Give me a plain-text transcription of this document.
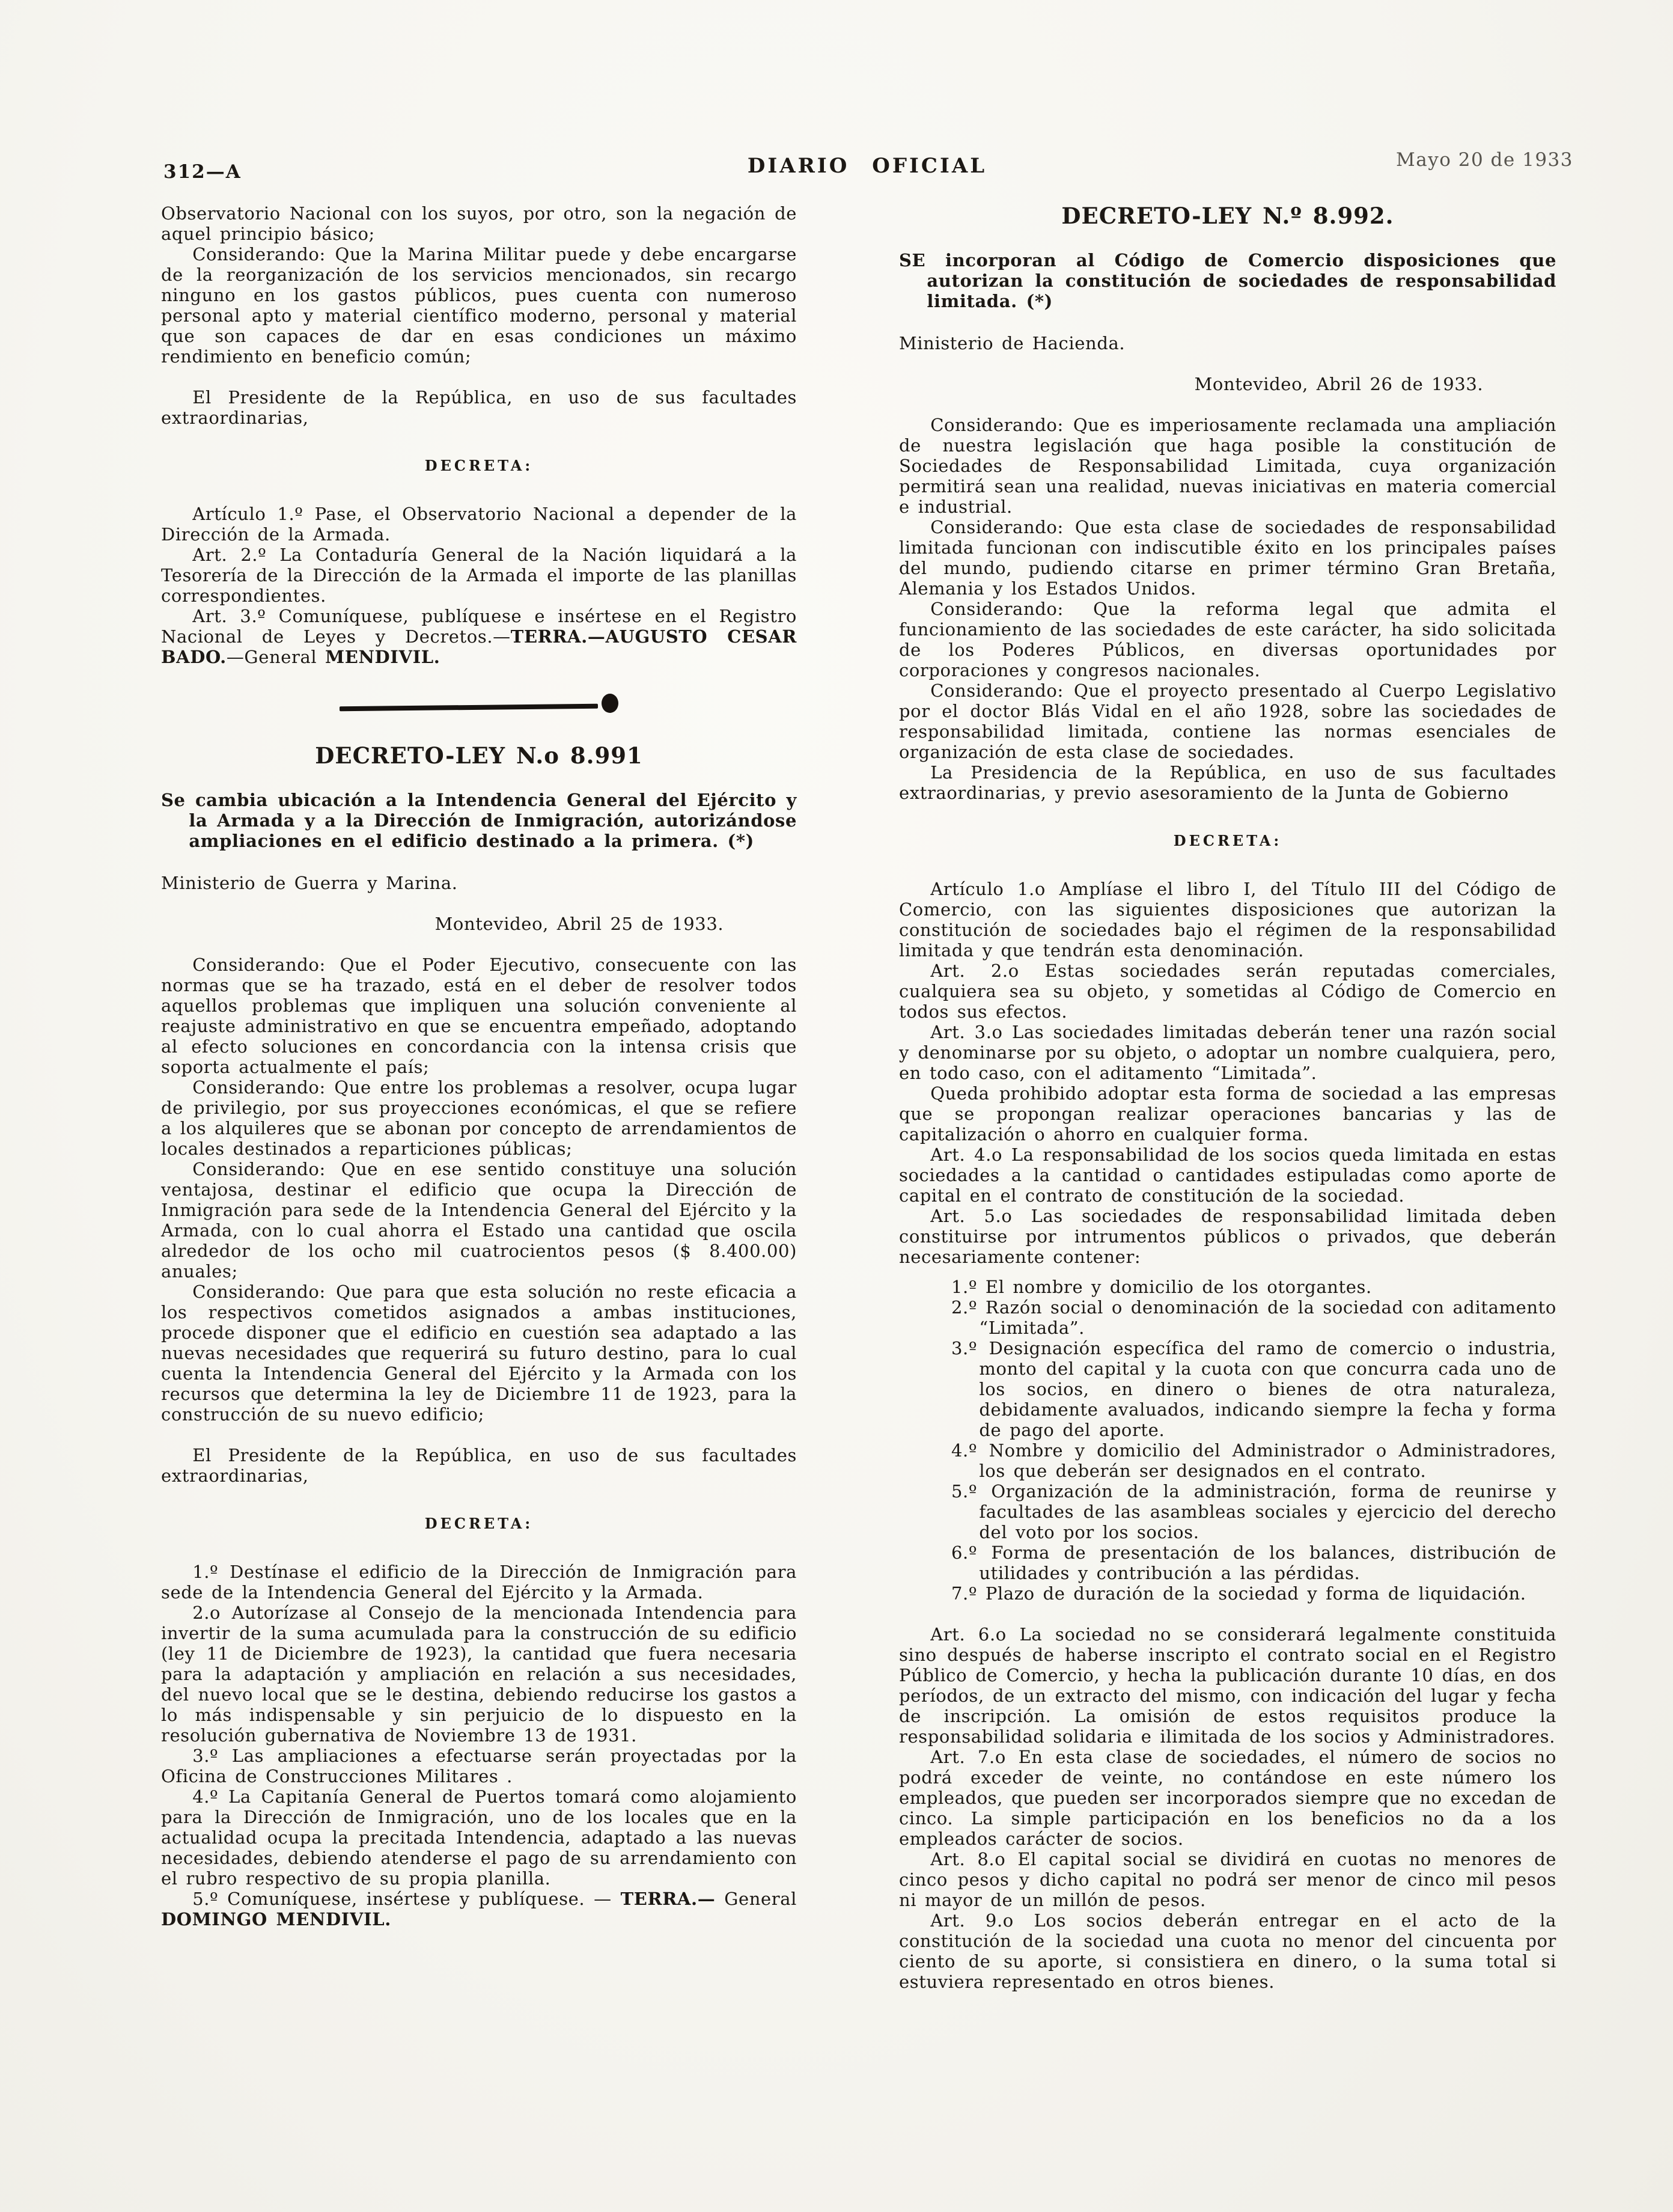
312—A	DIARIO OFICIAL	Mayo 20 de 1933

Observatorio Nacional con los suyos, por otro, son la negación de aquel principio básico;

Considerando: Que la Marina Militar puede y debe encargarse de la reorganización de los servicios mencionados, sin recargo ninguno en los gastos públicos, pues cuenta con numeroso personal apto y material científico moderno, personal y material que son capaces de dar en esas condiciones un máximo rendimiento en beneficio común;

El Presidente de la República, en uso de sus facultades extraordinarias,

DECRETA:

Artículo 1.º Pase, el Observatorio Nacional a depender de la Dirección de la Armada.

Art. 2.º La Contaduría General de la Nación liquidará a la Tesorería de la Dirección de la Armada el importe de las planillas correspondientes.

Art. 3.º Comuníquese, publíquese e insértese en el Registro Nacional de Leyes y Decretos.—TERRA.—AUGUSTO CESAR BADO.—General MENDIVIL.

DECRETO-LEY N.o 8.991

Se cambia ubicación a la Intendencia General del Ejército y la Armada y a la Dirección de Inmigración, autorizándose ampliaciones en el edificio destinado a la primera. (*)

Ministerio de Guerra y Marina.

Montevideo, Abril 25 de 1933.

Considerando: Que el Poder Ejecutivo, consecuente con las normas que se ha trazado, está en el deber de resolver todos aquellos problemas que impliquen una solución conveniente al reajuste administrativo en que se encuentra empeñado, adoptando al efecto soluciones en concordancia con la intensa crisis que soporta actualmente el país;

Considerando: Que entre los problemas a resolver, ocupa lugar de privilegio, por sus proyecciones económicas, el que se refiere a los alquileres que se abonan por concepto de arrendamientos de locales destinados a reparticiones públicas;

Considerando: Que en ese sentido constituye una solución ventajosa, destinar el edificio que ocupa la Dirección de Inmigración para sede de la Intendencia General del Ejército y la Armada, con lo cual ahorra el Estado una cantidad que oscila alrededor de los ocho mil cuatrocientos pesos ($ 8.400.00) anuales;

Considerando: Que para que esta solución no reste eficacia a los respectivos cometidos asignados a ambas instituciones, procede disponer que el edificio en cuestión sea adaptado a las nuevas necesidades que requerirá su futuro destino, para lo cual cuenta la Intendencia General del Ejército y la Armada con los recursos que determina la ley de Diciembre 11 de 1923, para la construcción de su nuevo edificio;

El Presidente de la República, en uso de sus facultades extraordinarias,

DECRETA:

1.º Destínase el edificio de la Dirección de Inmigración para sede de la Intendencia General del Ejército y la Armada.

2.o Autorízase al Consejo de la mencionada Intendencia para invertir de la suma acumulada para la construcción de su edificio (ley 11 de Diciembre de 1923), la cantidad que fuera necesaria para la adaptación y ampliación en relación a sus necesidades, del nuevo local que se le destina, debiendo reducirse los gastos a lo más indispensable y sin perjuicio de lo dispuesto en la resolución gubernativa de Noviembre 13 de 1931.

3.º Las ampliaciones a efectuarse serán proyectadas por la Oficina de Construcciones Militares .

4.º La Capitanía General de Puertos tomará como alojamiento para la Dirección de Inmigración, uno de los locales que en la actualidad ocupa la precitada Intendencia, adaptado a las nuevas necesidades, debiendo atenderse el pago de su arrendamiento con el rubro respectivo de su propia planilla.

5.º Comuníquese, insértese y publíquese. — TERRA.— General DOMINGO MENDIVIL.

DECRETO-LEY N.º 8.992.

SE incorporan al Código de Comercio disposiciones que autorizan la constitución de sociedades de responsabilidad limitada. (*)

Ministerio de Hacienda.

Montevideo, Abril 26 de 1933.

Considerando: Que es imperiosamente reclamada una ampliación de nuestra legislación que haga posible la constitución de Sociedades de Responsabilidad Limitada, cuya organización permitirá sean una realidad, nuevas iniciativas en materia comercial e industrial.

Considerando: Que esta clase de sociedades de responsabilidad limitada funcionan con indiscutible éxito en los principales países del mundo, pudiendo citarse en primer término Gran Bretaña, Alemania y los Estados Unidos.

Considerando: Que la reforma legal que admita el funcionamiento de las sociedades de este carácter, ha sido solicitada de los Poderes Públicos, en diversas oportunidades por corporaciones y congresos nacionales.

Considerando: Que el proyecto presentado al Cuerpo Legislativo por el doctor Blás Vidal en el año 1928, sobre las sociedades de responsabilidad limitada, contiene las normas esenciales de organización de esta clase de sociedades.

La Presidencia de la República, en uso de sus facultades extraordinarias, y previo asesoramiento de la Junta de Gobierno

DECRETA:

Artículo 1.o Amplíase el libro I, del Título III del Código de Comercio, con las siguientes disposiciones que autorizan la constitución de sociedades bajo el régimen de la responsabilidad limitada y que tendrán esta denominación.

Art. 2.o Estas sociedades serán reputadas comerciales, cualquiera sea su objeto, y sometidas al Código de Comercio en todos sus efectos.

Art. 3.o Las sociedades limitadas deberán tener una razón social y denominarse por su objeto, o adoptar un nombre cualquiera, pero, en todo caso, con el aditamento “Limitada”.

Queda prohibido adoptar esta forma de sociedad a las empresas que se propongan realizar operaciones bancarias y las de capitalización o ahorro en cualquier forma.

Art. 4.o La responsabilidad de los socios queda limitada en estas sociedades a la cantidad o cantidades estipuladas como aporte de capital en el contrato de constitución de la sociedad.

Art. 5.o Las sociedades de responsabilidad limitada deben constituirse por intrumentos públicos o privados, que deberán necesariamente contener:

1.º El nombre y domicilio de los otorgantes.

2.º Razón social o denominación de la sociedad con aditamento “Limitada”.

3.º Designación específica del ramo de comercio o industria, monto del capital y la cuota con que concurra cada uno de los socios, en dinero o bienes de otra naturaleza, debidamente avaluados, indicando siempre la fecha y forma de pago del aporte.

4.º Nombre y domicilio del Administrador o Administradores, los que deberán ser designados en el contrato.

5.º Organización de la administración, forma de reunirse y facultades de las asambleas sociales y ejercicio del derecho del voto por los socios.

6.º Forma de presentación de los balances, distribución de utilidades y contribución a las pérdidas.

7.º Plazo de duración de la sociedad y forma de liquidación.

Art. 6.o La sociedad no se considerará legalmente constituida sino después de haberse inscripto el contrato social en el Registro Público de Comercio, y hecha la publicación durante 10 días, en dos períodos, de un extracto del mismo, con indicación del lugar y fecha de inscripción. La omisión de estos requisitos produce la responsabilidad solidaria e ilimitada de los socios y Administradores.

Art. 7.o En esta clase de sociedades, el número de socios no podrá exceder de veinte, no contándose en este número los empleados, que pueden ser incorporados siempre que no excedan de cinco. La simple participación en los beneficios no da a los empleados carácter de socios.

Art. 8.o El capital social se dividirá en cuotas no menores de cinco pesos y dicho capital no podrá ser menor de cinco mil pesos ni mayor de un millón de pesos.

Art. 9.o Los socios deberán entregar en el acto de la constitución de la sociedad una cuota no menor del cincuenta por ciento de su aporte, si consistiera en dinero, o la suma total si estuviera representado en otros bienes.
